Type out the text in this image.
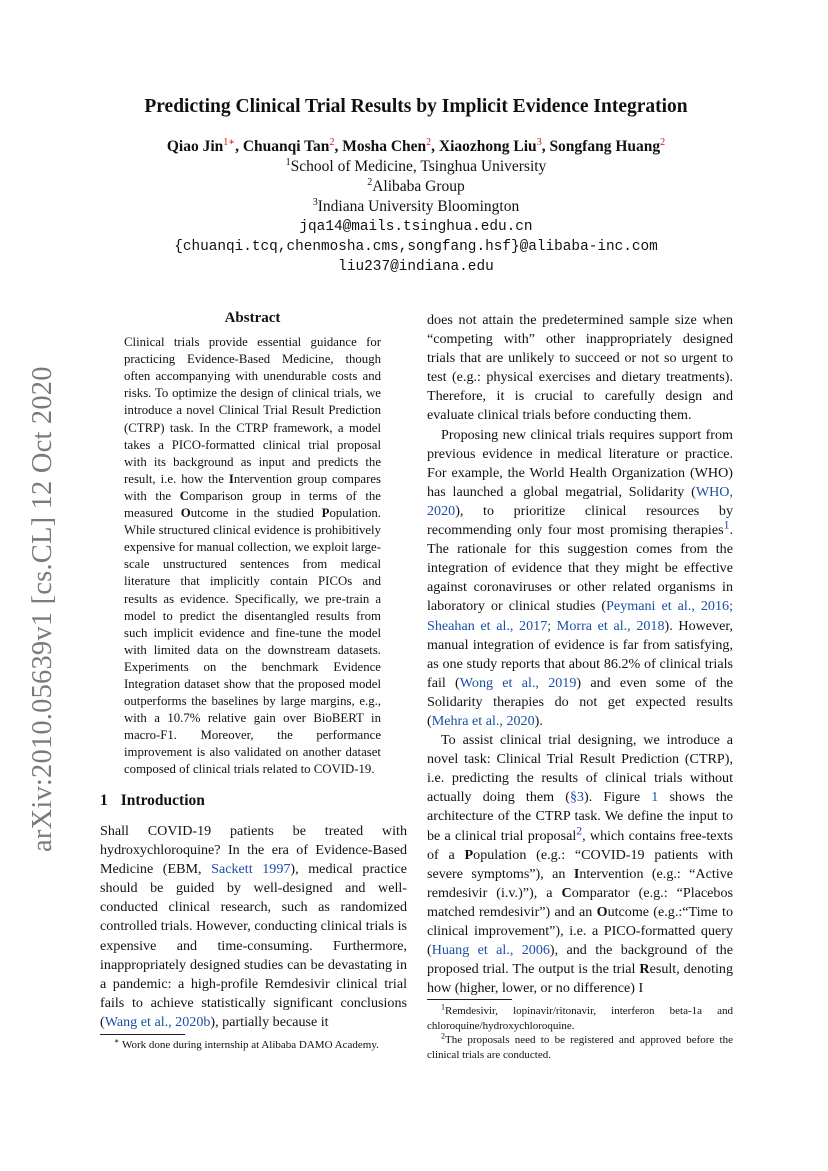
arXiv:2010.05639v1 [cs.CL] 12 Oct 2020
Predicting Clinical Trial Results by Implicit Evidence Integration
Qiao Jin$^{1∗}$, Chuanqi Tan$^2$, Mosha Chen$^2$, Xiaozhong Liu$^3$, Songfang Huang$^2$
$^1$School of Medicine, Tsinghua University
$^2$Alibaba Group
$^3$Indiana University Bloomington
jqa14@mails.tsinghua.edu.cn
{chuanqi.tcq,chenmosha.cms,songfang.hsf}@alibaba-inc.com
liu237@indiana.edu
Abstract

Clinical trials provide essential guidance for practicing Evidence-Based Medicine, though often accompanying with unendurable costs and risks. To optimize the design of clinical trials, we introduce a novel Clinical Trial Result Prediction (CTRP) task. In the CTRP framework, a model takes a PICO-formatted clinical trial proposal with its background as input and predicts the result, i.e. how the Intervention group compares with the Comparison group in terms of the measured Outcome in the studied Population. While structured clinical evidence is prohibitively expensive for manual collection, we exploit large-scale unstructured sentences from medical literature that implicitly contain PICOs and results as evidence. Specifically, we pre-train a model to predict the disentangled results from such implicit evidence and fine-tune the model with limited data on the downstream datasets. Experiments on the benchmark Evidence Integration dataset show that the proposed model outperforms the baselines by large margins, e.g., with a 10.7% relative gain over BioBERT in macro-F1. Moreover, the performance improvement is also validated on another dataset composed of clinical trials related to COVID-19.

1 Introduction

Shall COVID-19 patients be treated with hydroxychloroquine? In the era of Evidence-Based Medicine (EBM, Sackett 1997), medical practice should be guided by well-designed and well-conducted clinical research, such as randomized controlled trials. However, conducting clinical trials is expensive and time-consuming. Furthermore, inappropriately designed studies can be devastating in a pandemic: a high-profile Remdesivir clinical trial fails to achieve statistically significant conclusions (Wang et al., 2020b), partially because it

∗ Work done during internship at Alibaba DAMO Academy.

does not attain the predetermined sample size when “competing with” other inappropriately designed trials that are unlikely to succeed or not so urgent to test (e.g.: physical exercises and dietary treatments). Therefore, it is crucial to carefully design and evaluate clinical trials before conducting them.

Proposing new clinical trials requires support from previous evidence in medical literature or practice. For example, the World Health Organization (WHO) has launched a global megatrial, Solidarity (WHO, 2020), to prioritize clinical resources by recommending only four most promising therapies$^1$. The rationale for this suggestion comes from the integration of evidence that they might be effective against coronaviruses or other related organisms in laboratory or clinical studies (Peymani et al., 2016; Sheahan et al., 2017; Morra et al., 2018). However, manual integration of evidence is far from satisfying, as one study reports that about 86.2% of clinical trials fail (Wong et al., 2019) and even some of the Solidarity therapies do not get expected results (Mehra et al., 2020).

To assist clinical trial designing, we introduce a novel task: Clinical Trial Result Prediction (CTRP), i.e. predicting the results of clinical trials without actually doing them (§3). Figure 1 shows the architecture of the CTRP task. We define the input to be a clinical trial proposal$^2$, which contains free-texts of a Population (e.g.: “COVID-19 patients with severe symptoms”), an Intervention (e.g.: “Active remdesivir (i.v.)”), a Comparator (e.g.: “Placebos matched remdesivir”) and an Outcome (e.g.:“Time to clinical improvement”), i.e. a PICO-formatted query (Huang et al., 2006), and the background of the proposed trial. The output is the trial Result, denoting how (higher, lower, or no difference) I

$^1$Remdesivir, lopinavir/ritonavir, interferon beta-1a and chloroquine/hydroxychloroquine.
$^2$The proposals need to be registered and approved before the clinical trials are conducted.
